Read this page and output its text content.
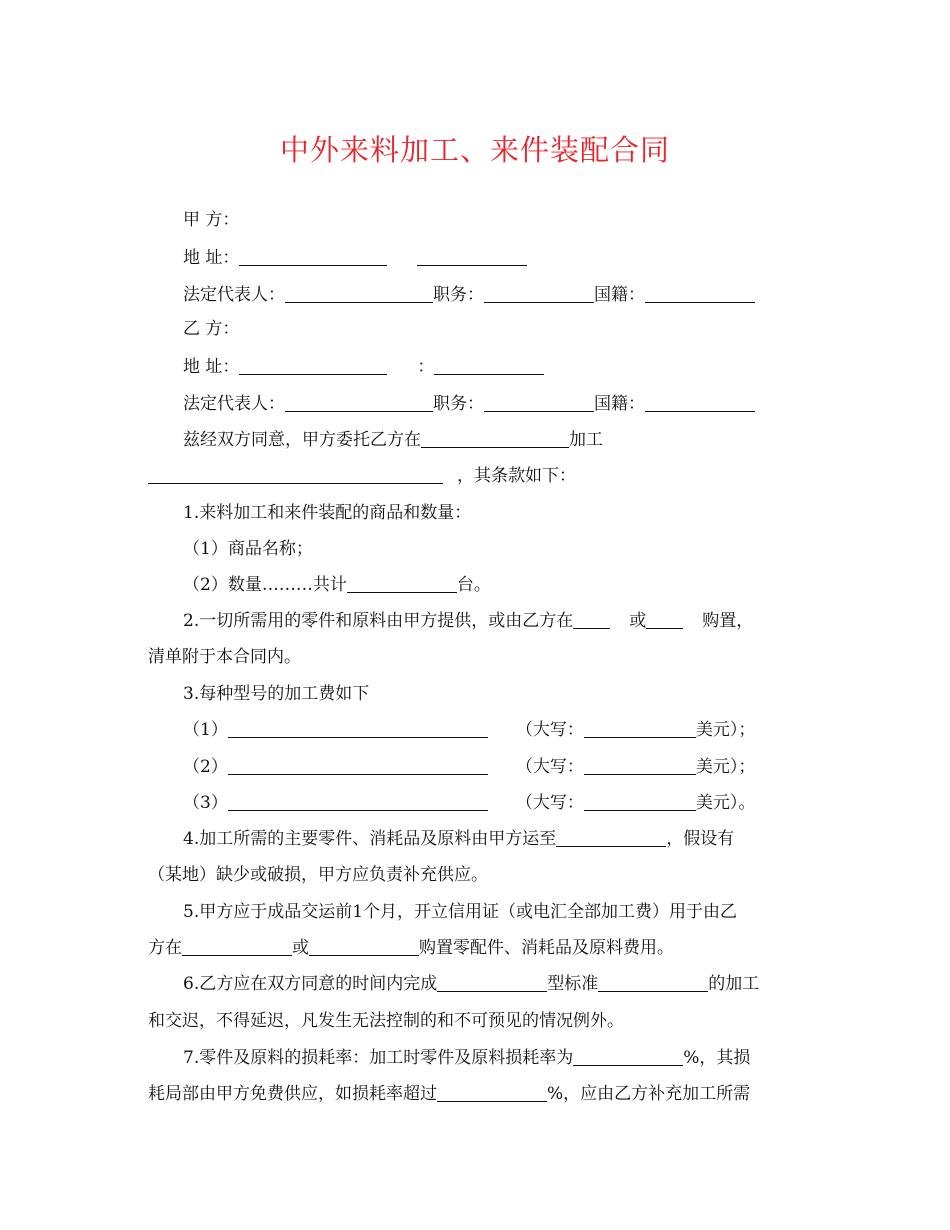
中外来料加工、来件装配合同
甲 方：
地 址：
法定代表人：	职务：	国籍：
乙 方：
地 址：	：
法定代表人：	职务：	国籍：
兹经双方同意，甲方委托乙方在	加工
，其条款如下：
1.来料加工和来件装配的商品和数量：
（1）商品名称；
（2）数量………共计	台。
2.一切所需用的零件和原料由甲方提供，或由乙方在	或	购置，
清单附于本合同内。
3.每种型号的加工费如下
（1）	（大写：	美元）；
（2）	（大写：	美元）；
（3）	（大写：	美元）。
4.加工所需的主要零件、消耗品及原料由甲方运至	，假设有
（某地）缺少或破损，甲方应负责补充供应。
5.甲方应于成品交运前1个月，开立信用证（或电汇全部加工费）用于由乙
方在	或	购置零配件、消耗品及原料费用。
6.乙方应在双方同意的时间内完成	型标准	的加工
和交迟，不得延迟，凡发生无法控制的和不可预见的情况例外。
7.零件及原料的损耗率：加工时零件及原料损耗率为	%，其损
耗局部由甲方免费供应，如损耗率超过	%，应由乙方补充加工所需
